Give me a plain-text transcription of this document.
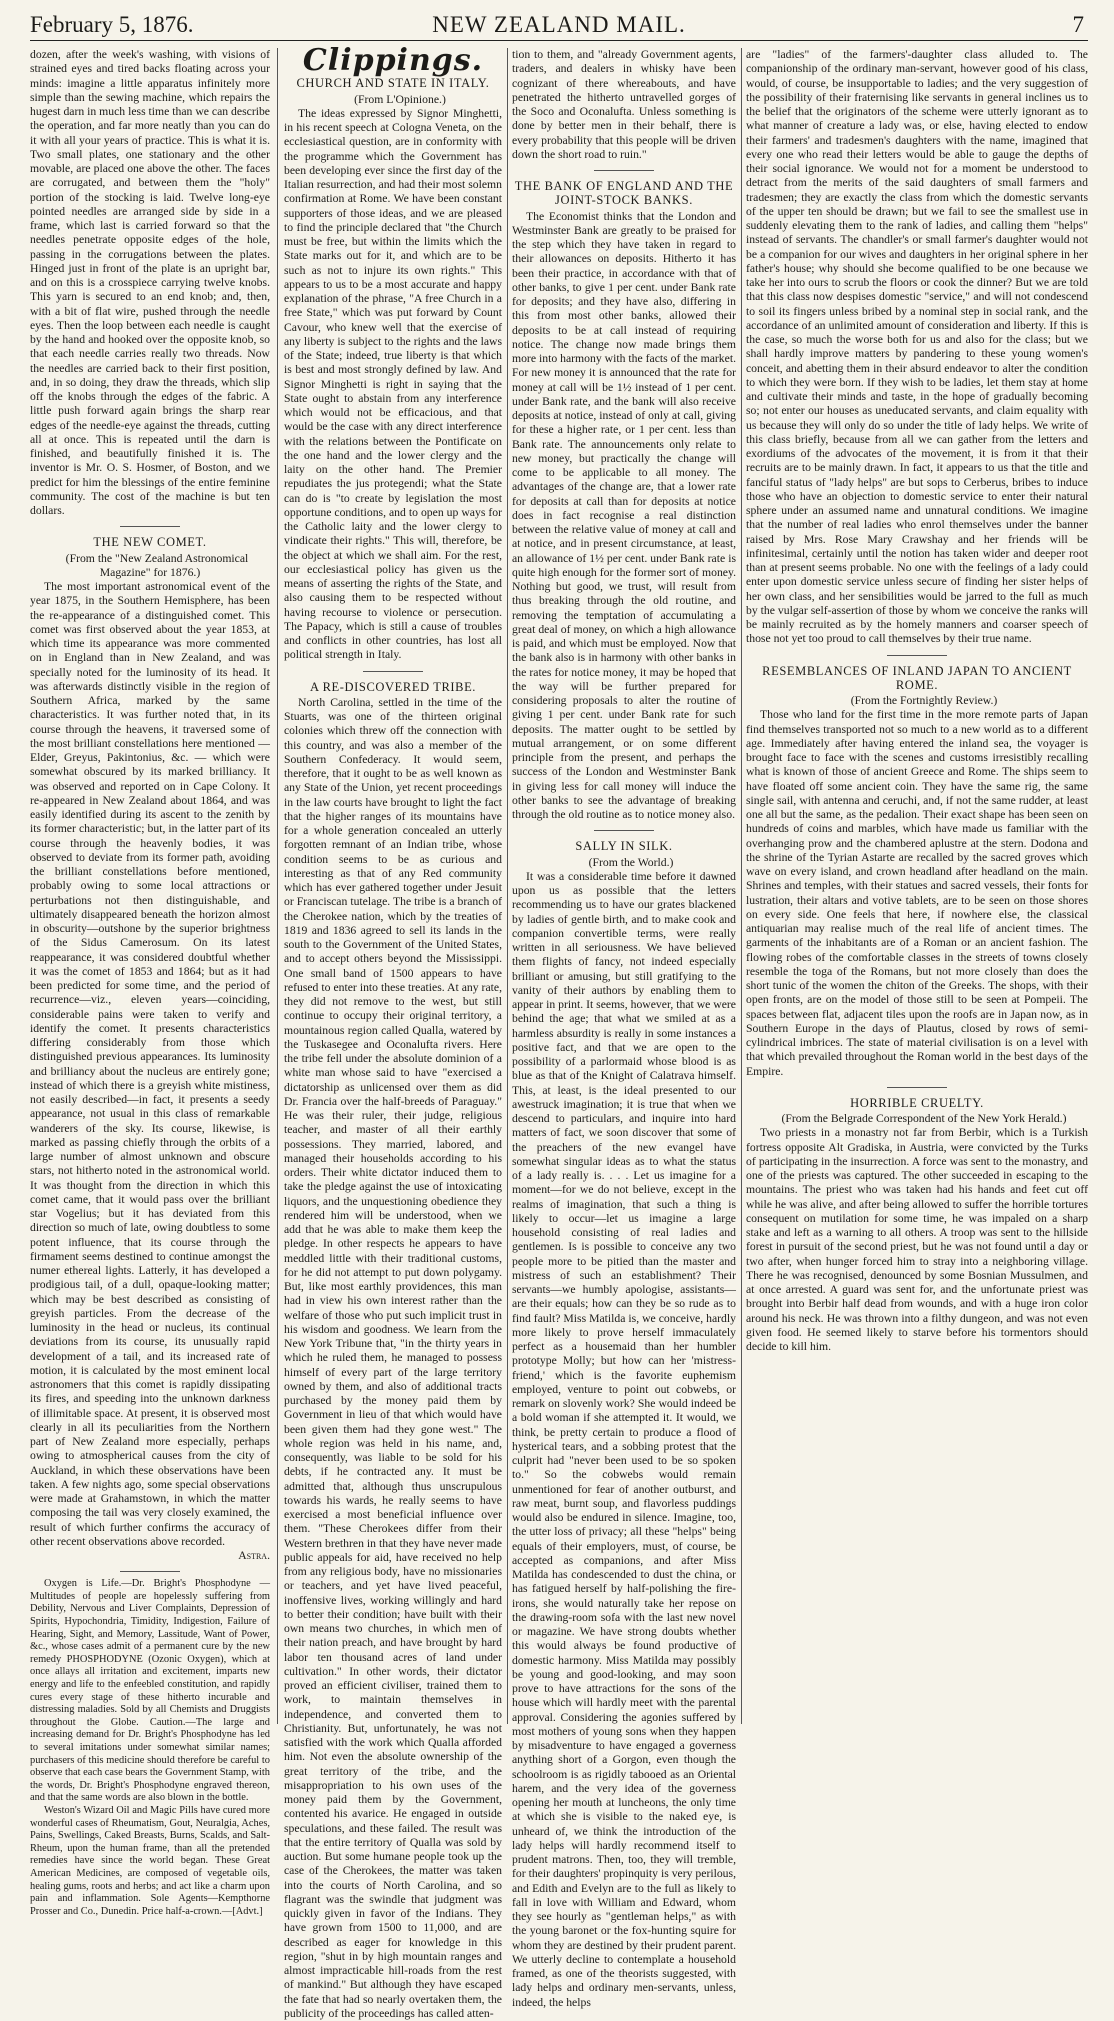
February 5, 1876.	NEW ZEALAND MAIL.	7

dozen, after the week's washing, with visions of strained eyes and tired backs floating across your minds: imagine a little apparatus infinitely more simple than the sewing machine, which repairs the hugest darn in much less time than we can describe the operation, and far more neatly than you can do it with all your years of practice. This is what it is. Two small plates, one stationary and the other movable, are placed one above the other. The faces are corrugated, and between them the "holy" portion of the stocking is laid. Twelve long-eye pointed needles are arranged side by side in a frame, which last is carried forward so that the needles penetrate opposite edges of the hole, passing in the corrugations between the plates. Hinged just in front of the plate is an upright bar, and on this is a crosspiece carrying twelve knobs. This yarn is secured to an end knob; and, then, with a bit of flat wire, pushed through the needle eyes. Then the loop between each needle is caught by the hand and hooked over the opposite knob, so that each needle carries really two threads. Now the needles are carried back to their first position, and, in so doing, they draw the threads, which slip off the knobs through the edges of the fabric. A little push forward again brings the sharp rear edges of the needle-eye against the threads, cutting all at once. This is repeated until the darn is finished, and beautifully finished it is. The inventor is Mr. O. S. Hosmer, of Boston, and we predict for him the blessings of the entire feminine community. The cost of the machine is but ten dollars.

THE NEW COMET.

(From the "New Zealand Astronomical Magazine" for 1876.)

The most important astronomical event of the year 1875, in the Southern Hemisphere, has been the re-appearance of a distinguished comet. This comet was first observed about the year 1853, at which time its appearance was more commented on in England than in New Zealand, and was specially noted for the luminosity of its head. It was afterwards distinctly visible in the region of Southern Africa, marked by the same characteristics. It was further noted that, in its course through the heavens, it traversed some of the most brilliant constellations here mentioned — Elder, Greyus, Pakintonius, &c. — which were somewhat obscured by its marked brilliancy. It was observed and reported on in Cape Colony. It re-appeared in New Zealand about 1864, and was easily identified during its ascent to the zenith by its former characteristic; but, in the latter part of its course through the heavenly bodies, it was observed to deviate from its former path, avoiding the brilliant constellations before mentioned, probably owing to some local attractions or perturbations not then distinguishable, and ultimately disappeared beneath the horizon almost in obscurity—outshone by the superior brightness of the Sidus Camerosum. On its latest reappearance, it was considered doubtful whether it was the comet of 1853 and 1864; but as it had been predicted for some time, and the period of recurrence—viz., eleven years—coinciding, considerable pains were taken to verify and identify the comet. It presents characteristics differing considerably from those which distinguished previous appearances. Its luminosity and brilliancy about the nucleus are entirely gone; instead of which there is a greyish white mistiness, not easily described—in fact, it presents a seedy appearance, not usual in this class of remarkable wanderers of the sky. Its course, likewise, is marked as passing chiefly through the orbits of a large number of almost unknown and obscure stars, not hitherto noted in the astronomical world. It was thought from the direction in which this comet came, that it would pass over the brilliant star Vogelius; but it has deviated from this direction so much of late, owing doubtless to some potent influence, that its course through the firmament seems destined to continue amongst the numer ethereal lights. Latterly, it has developed a prodigious tail, of a dull, opaque-looking matter; which may be best described as consisting of greyish particles. From the decrease of the luminosity in the head or nucleus, its continual deviations from its course, its unusually rapid development of a tail, and its increased rate of motion, it is calculated by the most eminent local astronomers that this comet is rapidly dissipating its fires, and speeding into the unknown darkness of illimitable space. At present, it is observed most clearly in all its peculiarities from the Northern part of New Zealand more especially, perhaps owing to atmospherical causes from the city of Auckland, in which these observations have been taken. A few nights ago, some special observations were made at Grahamstown, in which the matter composing the tail was very closely examined, the result of which further confirms the accuracy of other recent observations above recorded.

Astra.

Oxygen is Life.—Dr. Bright's Phosphodyne —Multitudes of people are hopelessly suffering from Debility, Nervous and Liver Complaints, Depression of Spirits, Hypochondria, Timidity, Indigestion, Failure of Hearing, Sight, and Memory, Lassitude, Want of Power, &c., whose cases admit of a permanent cure by the new remedy PHOSPHODYNE (Ozonic Oxygen), which at once allays all irritation and excitement, imparts new energy and life to the enfeebled constitution, and rapidly cures every stage of these hitherto incurable and distressing maladies. Sold by all Chemists and Druggists throughout the Globe. Caution.—The large and increasing demand for Dr. Bright's Phosphodyne has led to several imitations under somewhat similar names; purchasers of this medicine should therefore be careful to observe that each case bears the Government Stamp, with the words, Dr. Bright's Phosphodyne engraved thereon, and that the same words are also blown in the bottle.

Weston's Wizard Oil and Magic Pills have cured more wonderful cases of Rheumatism, Gout, Neuralgia, Aches, Pains, Swellings, Caked Breasts, Burns, Scalds, and Salt-Rheum, upon the human frame, than all the pretended remedies have since the world began. These Great American Medicines, are composed of vegetable oils, healing gums, roots and herbs; and act like a charm upon pain and inflammation. Sole Agents—Kempthorne Prosser and Co., Dunedin. Price half-a-crown.—[Advt.]

Clippings.
CHURCH AND STATE IN ITALY.

(From L'Opinione.)

The ideas expressed by Signor Minghetti, in his recent speech at Cologna Veneta, on the ecclesiastical question, are in conformity with the programme which the Government has been developing ever since the first day of the Italian resurrection, and had their most solemn confirmation at Rome. We have been constant supporters of those ideas, and we are pleased to find the principle declared that "the Church must be free, but within the limits which the State marks out for it, and which are to be such as not to injure its own rights." This appears to us to be a most accurate and happy explanation of the phrase, "A free Church in a free State," which was put forward by Count Cavour, who knew well that the exercise of any liberty is subject to the rights and the laws of the State; indeed, true liberty is that which is best and most strongly defined by law. And Signor Minghetti is right in saying that the State ought to abstain from any interference which would not be efficacious, and that would be the case with any direct interference with the relations between the Pontificate on the one hand and the lower clergy and the laity on the other hand. The Premier repudiates the jus protegendi; what the State can do is "to create by legislation the most opportune conditions, and to open up ways for the Catholic laity and the lower clergy to vindicate their rights." This will, therefore, be the object at which we shall aim. For the rest, our ecclesiastical policy has given us the means of asserting the rights of the State, and also causing them to be respected without having recourse to violence or persecution. The Papacy, which is still a cause of troubles and conflicts in other countries, has lost all political strength in Italy.

A RE-DISCOVERED TRIBE.

North Carolina, settled in the time of the Stuarts, was one of the thirteen original colonies which threw off the connection with this country, and was also a member of the Southern Confederacy. It would seem, therefore, that it ought to be as well known as any State of the Union, yet recent proceedings in the law courts have brought to light the fact that the higher ranges of its mountains have for a whole generation concealed an utterly forgotten remnant of an Indian tribe, whose condition seems to be as curious and interesting as that of any Red community which has ever gathered together under Jesuit or Franciscan tutelage. The tribe is a branch of the Cherokee nation, which by the treaties of 1819 and 1836 agreed to sell its lands in the south to the Government of the United States, and to accept others beyond the Mississippi. One small band of 1500 appears to have refused to enter into these treaties. At any rate, they did not remove to the west, but still continue to occupy their original territory, a mountainous region called Qualla, watered by the Tuskasegee and Oconalufta rivers. Here the tribe fell under the absolute dominion of a white man whose said to have "exercised a dictatorship as unlicensed over them as did Dr. Francia over the half-breeds of Paraguay." He was their ruler, their judge, religious teacher, and master of all their earthly possessions. They married, labored, and managed their households according to his orders. Their white dictator induced them to take the pledge against the use of intoxicating liquors, and the unquestioning obedience they rendered him will be understood, when we add that he was able to make them keep the pledge. In other respects he appears to have meddled little with their traditional customs, for he did not attempt to put down polygamy. But, like most earthly providences, this man had in view his own interest rather than the welfare of those who put such implicit trust in his wisdom and goodness. We learn from the New York Tribune that, "in the thirty years in which he ruled them, he managed to possess himself of every part of the large territory owned by them, and also of additional tracts purchased by the money paid them by Government in lieu of that which would have been given them had they gone west." The whole region was held in his name, and, consequently, was liable to be sold for his debts, if he contracted any. It must be admitted that, although thus unscrupulous towards his wards, he really seems to have exercised a most beneficial influence over them. "These Cherokees differ from their Western brethren in that they have never made public appeals for aid, have received no help from any religious body, have no missionaries or teachers, and yet have lived peaceful, inoffensive lives, working willingly and hard to better their condition; have built with their own means two churches, in which men of their nation preach, and have brought by hard labor ten thousand acres of land under cultivation." In other words, their dictator proved an efficient civiliser, trained them to work, to maintain themselves in independence, and converted them to Christianity. But, unfortunately, he was not satisfied with the work which Qualla afforded him. Not even the absolute ownership of the great territory of the tribe, and the misappropriation to his own uses of the money paid them by the Government, contented his avarice. He engaged in outside speculations, and these failed. The result was that the entire territory of Qualla was sold by auction. But some humane people took up the case of the Cherokees, the matter was taken into the courts of North Carolina, and so flagrant was the swindle that judgment was quickly given in favor of the Indians. They have grown from 1500 to 11,000, and are described as eager for knowledge in this region, "shut in by high mountain ranges and almost impracticable hill-roads from the rest of mankind." But although they have escaped the fate that had so nearly overtaken them, the publicity of the proceedings has called atten-

tion to them, and "already Government agents, traders, and dealers in whisky have been cognizant of there whereabouts, and have penetrated the hitherto untravelled gorges of the Soco and Oconalufta. Unless something is done by better men in their behalf, there is every probability that this people will be driven down the short road to ruin."

THE BANK OF ENGLAND AND THE JOINT-STOCK BANKS.

The Economist thinks that the London and Westminster Bank are greatly to be praised for the step which they have taken in regard to their allowances on deposits. Hitherto it has been their practice, in accordance with that of other banks, to give 1 per cent. under Bank rate for deposits; and they have also, differing in this from most other banks, allowed their deposits to be at call instead of requiring notice. The change now made brings them more into harmony with the facts of the market. For new money it is announced that the rate for money at call will be 1½ instead of 1 per cent. under Bank rate, and the bank will also receive deposits at notice, instead of only at call, giving for these a higher rate, or 1 per cent. less than Bank rate. The announcements only relate to new money, but practically the change will come to be applicable to all money. The advantages of the change are, that a lower rate for deposits at call than for deposits at notice does in fact recognise a real distinction between the relative value of money at call and at notice, and in present circumstance, at least, an allowance of 1½ per cent. under Bank rate is quite high enough for the former sort of money. Nothing but good, we trust, will result from thus breaking through the old routine, and removing the temptation of accumulating a great deal of money, on which a high allowance is paid, and which must be employed. Now that the bank also is in harmony with other banks in the rates for notice money, it may be hoped that the way will be further prepared for considering proposals to alter the routine of giving 1 per cent. under Bank rate for such deposits. The matter ought to be settled by mutual arrangement, or on some different principle from the present, and perhaps the success of the London and Westminster Bank in giving less for call money will induce the other banks to see the advantage of breaking through the old routine as to notice money also.

SALLY IN SILK.

(From the World.)

It was a considerable time before it dawned upon us as possible that the letters recommending us to have our grates blackened by ladies of gentle birth, and to make cook and companion convertible terms, were really written in all seriousness. We have believed them flights of fancy, not indeed especially brilliant or amusing, but still gratifying to the vanity of their authors by enabling them to appear in print. It seems, however, that we were behind the age; that what we smiled at as a harmless absurdity is really in some instances a positive fact, and that we are open to the possibility of a parlormaid whose blood is as blue as that of the Knight of Calatrava himself. This, at least, is the ideal presented to our awestruck imagination; it is true that when we descend to particulars, and inquire into hard matters of fact, we soon discover that some of the preachers of the new evangel have somewhat singular ideas as to what the status of a lady really is. . . . Let us imagine for a moment—for we do not believe, except in the realms of imagination, that such a thing is likely to occur—let us imagine a large household consisting of real ladies and gentlemen. Is is possible to conceive any two people more to be pitied than the master and mistress of such an establishment? Their servants—we humbly apologise, assistants—are their equals; how can they be so rude as to find fault? Miss Matilda is, we conceive, hardly more likely to prove herself immaculately perfect as a housemaid than her humbler prototype Molly; but how can her 'mistress-friend,' which is the favorite euphemism employed, venture to point out cobwebs, or remark on slovenly work? She would indeed be a bold woman if she attempted it. It would, we think, be pretty certain to produce a flood of hysterical tears, and a sobbing protest that the culprit had "never been used to be so spoken to." So the cobwebs would remain unmentioned for fear of another outburst, and raw meat, burnt soup, and flavorless puddings would also be endured in silence. Imagine, too, the utter loss of privacy; all these "helps" being equals of their employers, must, of course, be accepted as companions, and after Miss Matilda has condescended to dust the china, or has fatigued herself by half-polishing the fire-irons, she would naturally take her repose on the drawing-room sofa with the last new novel or magazine. We have strong doubts whether this would always be found productive of domestic harmony. Miss Matilda may possibly be young and good-looking, and may soon prove to have attractions for the sons of the house which will hardly meet with the parental approval. Considering the agonies suffered by most mothers of young sons when they happen by misadventure to have engaged a governess anything short of a Gorgon, even though the schoolroom is as rigidly tabooed as an Oriental harem, and the very idea of the governess opening her mouth at luncheons, the only time at which she is visible to the naked eye, is unheard of, we think the introduction of the lady helps will hardly recommend itself to prudent matrons. Then, too, they will tremble, for their daughters' propinquity is very perilous, and Edith and Evelyn are to the full as likely to fall in love with William and Edward, whom they see hourly as "gentleman helps," as with the young baronet or the fox-hunting squire for whom they are destined by their prudent parent. We utterly decline to contemplate a household framed, as one of the theorists suggested, with lady helps and ordinary men-servants, unless, indeed, the helps

are "ladies" of the farmers'-daughter class alluded to. The companionship of the ordinary man-servant, however good of his class, would, of course, be insupportable to ladies; and the very suggestion of the possibility of their fraternising like servants in general inclines us to the belief that the originators of the scheme were utterly ignorant as to what manner of creature a lady was, or else, having elected to endow their farmers' and tradesmen's daughters with the name, imagined that every one who read their letters would be able to gauge the depths of their social ignorance. We would not for a moment be understood to detract from the merits of the said daughters of small farmers and tradesmen; they are exactly the class from which the domestic servants of the upper ten should be drawn; but we fail to see the smallest use in suddenly elevating them to the rank of ladies, and calling them "helps" instead of servants. The chandler's or small farmer's daughter would not be a companion for our wives and daughters in her original sphere in her father's house; why should she become qualified to be one because we take her into ours to scrub the floors or cook the dinner? But we are told that this class now despises domestic "service," and will not condescend to soil its fingers unless bribed by a nominal step in social rank, and the accordance of an unlimited amount of consideration and liberty. If this is the case, so much the worse both for us and also for the class; but we shall hardly improve matters by pandering to these young women's conceit, and abetting them in their absurd endeavor to alter the condition to which they were born. If they wish to be ladies, let them stay at home and cultivate their minds and taste, in the hope of gradually becoming so; not enter our houses as uneducated servants, and claim equality with us because they will only do so under the title of lady helps. We write of this class briefly, because from all we can gather from the letters and exordiums of the advocates of the movement, it is from it that their recruits are to be mainly drawn. In fact, it appears to us that the title and fanciful status of "lady helps" are but sops to Cerberus, bribes to induce those who have an objection to domestic service to enter their natural sphere under an assumed name and unnatural conditions. We imagine that the number of real ladies who enrol themselves under the banner raised by Mrs. Rose Mary Crawshay and her friends will be infinitesimal, certainly until the notion has taken wider and deeper root than at present seems probable. No one with the feelings of a lady could enter upon domestic service unless secure of finding her sister helps of her own class, and her sensibilities would be jarred to the full as much by the vulgar self-assertion of those by whom we conceive the ranks will be mainly recruited as by the homely manners and coarser speech of those not yet too proud to call themselves by their true name.

RESEMBLANCES OF INLAND JAPAN TO ANCIENT ROME.

(From the Fortnightly Review.)

Those who land for the first time in the more remote parts of Japan find themselves transported not so much to a new world as to a different age. Immediately after having entered the inland sea, the voyager is brought face to face with the scenes and customs irresistibly recalling what is known of those of ancient Greece and Rome. The ships seem to have floated off some ancient coin. They have the same rig, the same single sail, with antenna and ceruchi, and, if not the same rudder, at least one all but the same, as the pedalion. Their exact shape has been seen on hundreds of coins and marbles, which have made us familiar with the overhanging prow and the chambered aplustre at the stern. Dodona and the shrine of the Tyrian Astarte are recalled by the sacred groves which wave on every island, and crown headland after headland on the main. Shrines and temples, with their statues and sacred vessels, their fonts for lustration, their altars and votive tablets, are to be seen on those shores on every side. One feels that here, if nowhere else, the classical antiquarian may realise much of the real life of ancient times. The garments of the inhabitants are of a Roman or an ancient fashion. The flowing robes of the comfortable classes in the streets of towns closely resemble the toga of the Romans, but not more closely than does the short tunic of the women the chiton of the Greeks. The shops, with their open fronts, are on the model of those still to be seen at Pompeii. The spaces between flat, adjacent tiles upon the roofs are in Japan now, as in Southern Europe in the days of Plautus, closed by rows of semi-cylindrical imbrices. The state of material civilisation is on a level with that which prevailed throughout the Roman world in the best days of the Empire.

HORRIBLE CRUELTY.

(From the Belgrade Correspondent of the New York Herald.)

Two priests in a monastry not far from Berbir, which is a Turkish fortress opposite Alt Gradiska, in Austria, were convicted by the Turks of participating in the insurrection. A force was sent to the monastry, and one of the priests was captured. The other succeeded in escaping to the mountains. The priest who was taken had his hands and feet cut off while he was alive, and after being allowed to suffer the horrible tortures consequent on mutilation for some time, he was impaled on a sharp stake and left as a warning to all others. A troop was sent to the hillside forest in pursuit of the second priest, but he was not found until a day or two after, when hunger forced him to stray into a neighboring village. There he was recognised, denounced by some Bosnian Mussulmen, and at once arrested. A guard was sent for, and the unfortunate priest was brought into Berbir half dead from wounds, and with a huge iron color around his neck. He was thrown into a filthy dungeon, and was not even given food. He seemed likely to starve before his tormentors should decide to kill him.
